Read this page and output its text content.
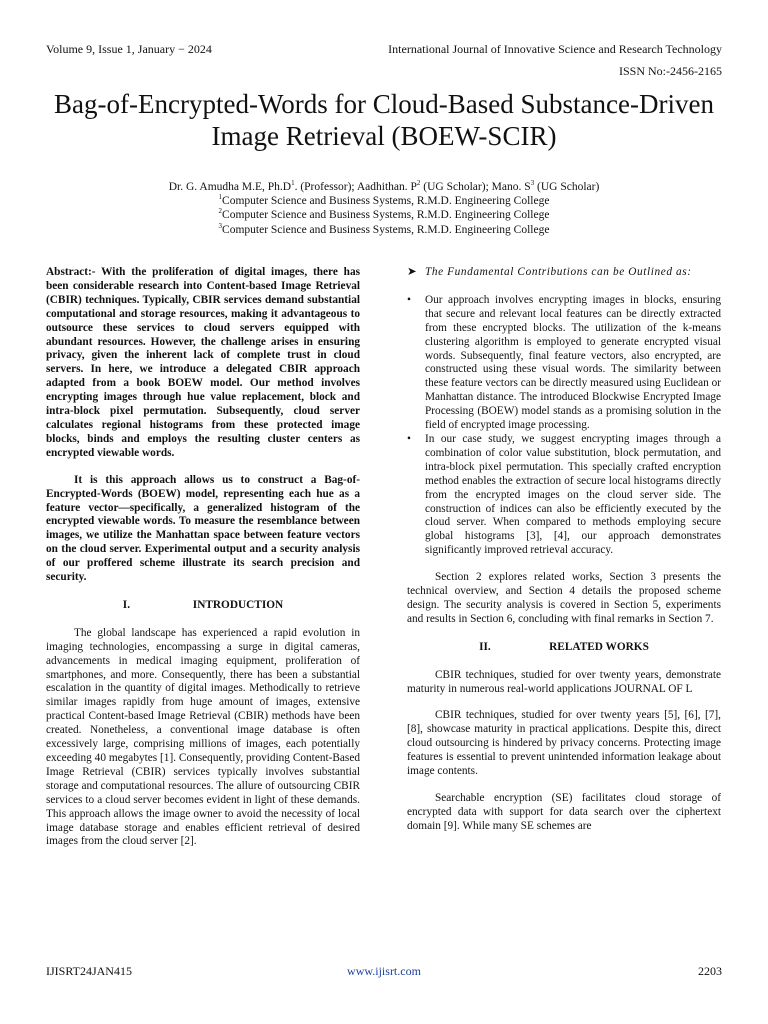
Volume 9, Issue 1, January − 2024	International Journal of Innovative Science and Research Technology
ISSN No:-2456-2165
Bag-of-Encrypted-Words for Cloud-Based Substance-Driven Image Retrieval (BOEW-SCIR)
Dr. G. Amudha M.E, $Ph.D^1$. (Professor); Aadhithan. $P^2$ (UG Scholar); Mano. $S^3$ (UG Scholar)
$^1$Computer Science and Business Systems, R.M.D. Engineering College
$^2$Computer Science and Business Systems, R.M.D. Engineering College
$^3$Computer Science and Business Systems, R.M.D. Engineering College

Abstract:- With the proliferation of digital images, there has been considerable research into Content-based Image Retrieval (CBIR) techniques. Typically, CBIR services demand substantial computational and storage resources, making it advantageous to outsource these services to cloud servers equipped with abundant resources. However, the challenge arises in ensuring privacy, given the inherent lack of complete trust in cloud servers. In here, we introduce a delegated CBIR approach adapted from a book BOEW model. Our method involves encrypting images through hue value replacement, block and intra-block pixel permutation. Subsequently, cloud server calculates regional histograms from these protected image blocks, binds and employs the resulting cluster centers as encrypted viewable words.

It is this approach allows us to construct a Bag-of-Encrypted-Words (BOEW) model, representing each hue as a feature vector—specifically, a generalized histogram of the encrypted viewable words. To measure the resemblance between images, we utilize the Manhattan space between feature vectors on the cloud server. Experimental output and a security analysis of our proffered scheme illustrate its search precision and security.

I.	INTRODUCTION

The global landscape has experienced a rapid evolution in imaging technologies, encompassing a surge in digital cameras, advancements in medical imaging equipment, proliferation of smartphones, and more. Consequently, there has been a substantial escalation in the quantity of digital images. Methodically to retrieve similar images rapidly from huge amount of images, extensive practical Content-based Image Retrieval (CBIR) methods have been created. Nonetheless, a conventional image database is often excessively large, comprising millions of images, each potentially exceeding 40 megabytes [1]. Consequently, providing Content-Based Image Retrieval (CBIR) services typically involves substantial storage and computational resources. The allure of outsourcing CBIR services to a cloud server becomes evident in light of these demands. This approach allows the image owner to avoid the necessity of local image database storage and enables efficient retrieval of desired images from the cloud server [2].

➤ The Fundamental Contributions can be Outlined as:
•	Our approach involves encrypting images in blocks, ensuring that secure and relevant local features can be directly extracted from these encrypted blocks. The utilization of the k-means clustering algorithm is employed to generate encrypted visual words. Subsequently, final feature vectors, also encrypted, are constructed using these visual words. The similarity between these feature vectors can be directly measured using Euclidean or Manhattan distance. The introduced Blockwise Encrypted Image Processing (BOEW) model stands as a promising solution in the field of encrypted image processing.
•	In our case study, we suggest encrypting images through a combination of color value substitution, block permutation, and intra-block pixel permutation. This specially crafted encryption method enables the extraction of secure local histograms directly from the encrypted images on the cloud server side. The construction of indices can also be efficiently executed by the cloud server. When compared to methods employing secure global histograms [3], [4], our approach demonstrates significantly improved retrieval accuracy.

Section 2 explores related works, Section 3 presents the technical overview, and Section 4 details the proposed scheme design. The security analysis is covered in Section 5, experiments and results in Section 6, concluding with final remarks in Section 7.

II.	RELATED WORKS

CBIR techniques, studied for over twenty years, demonstrate maturity in numerous real-world applications JOURNAL OF L

CBIR techniques, studied for over twenty years [5], [6], [7], [8], showcase maturity in practical applications. Despite this, direct cloud outsourcing is hindered by privacy concerns. Protecting image features is essential to prevent unintended information leakage about image contents.

Searchable encryption (SE) facilitates cloud storage of encrypted data with support for data search over the ciphertext domain [9]. While many SE schemes are

IJISRT24JAN415	www.ijisrt.com	2203
